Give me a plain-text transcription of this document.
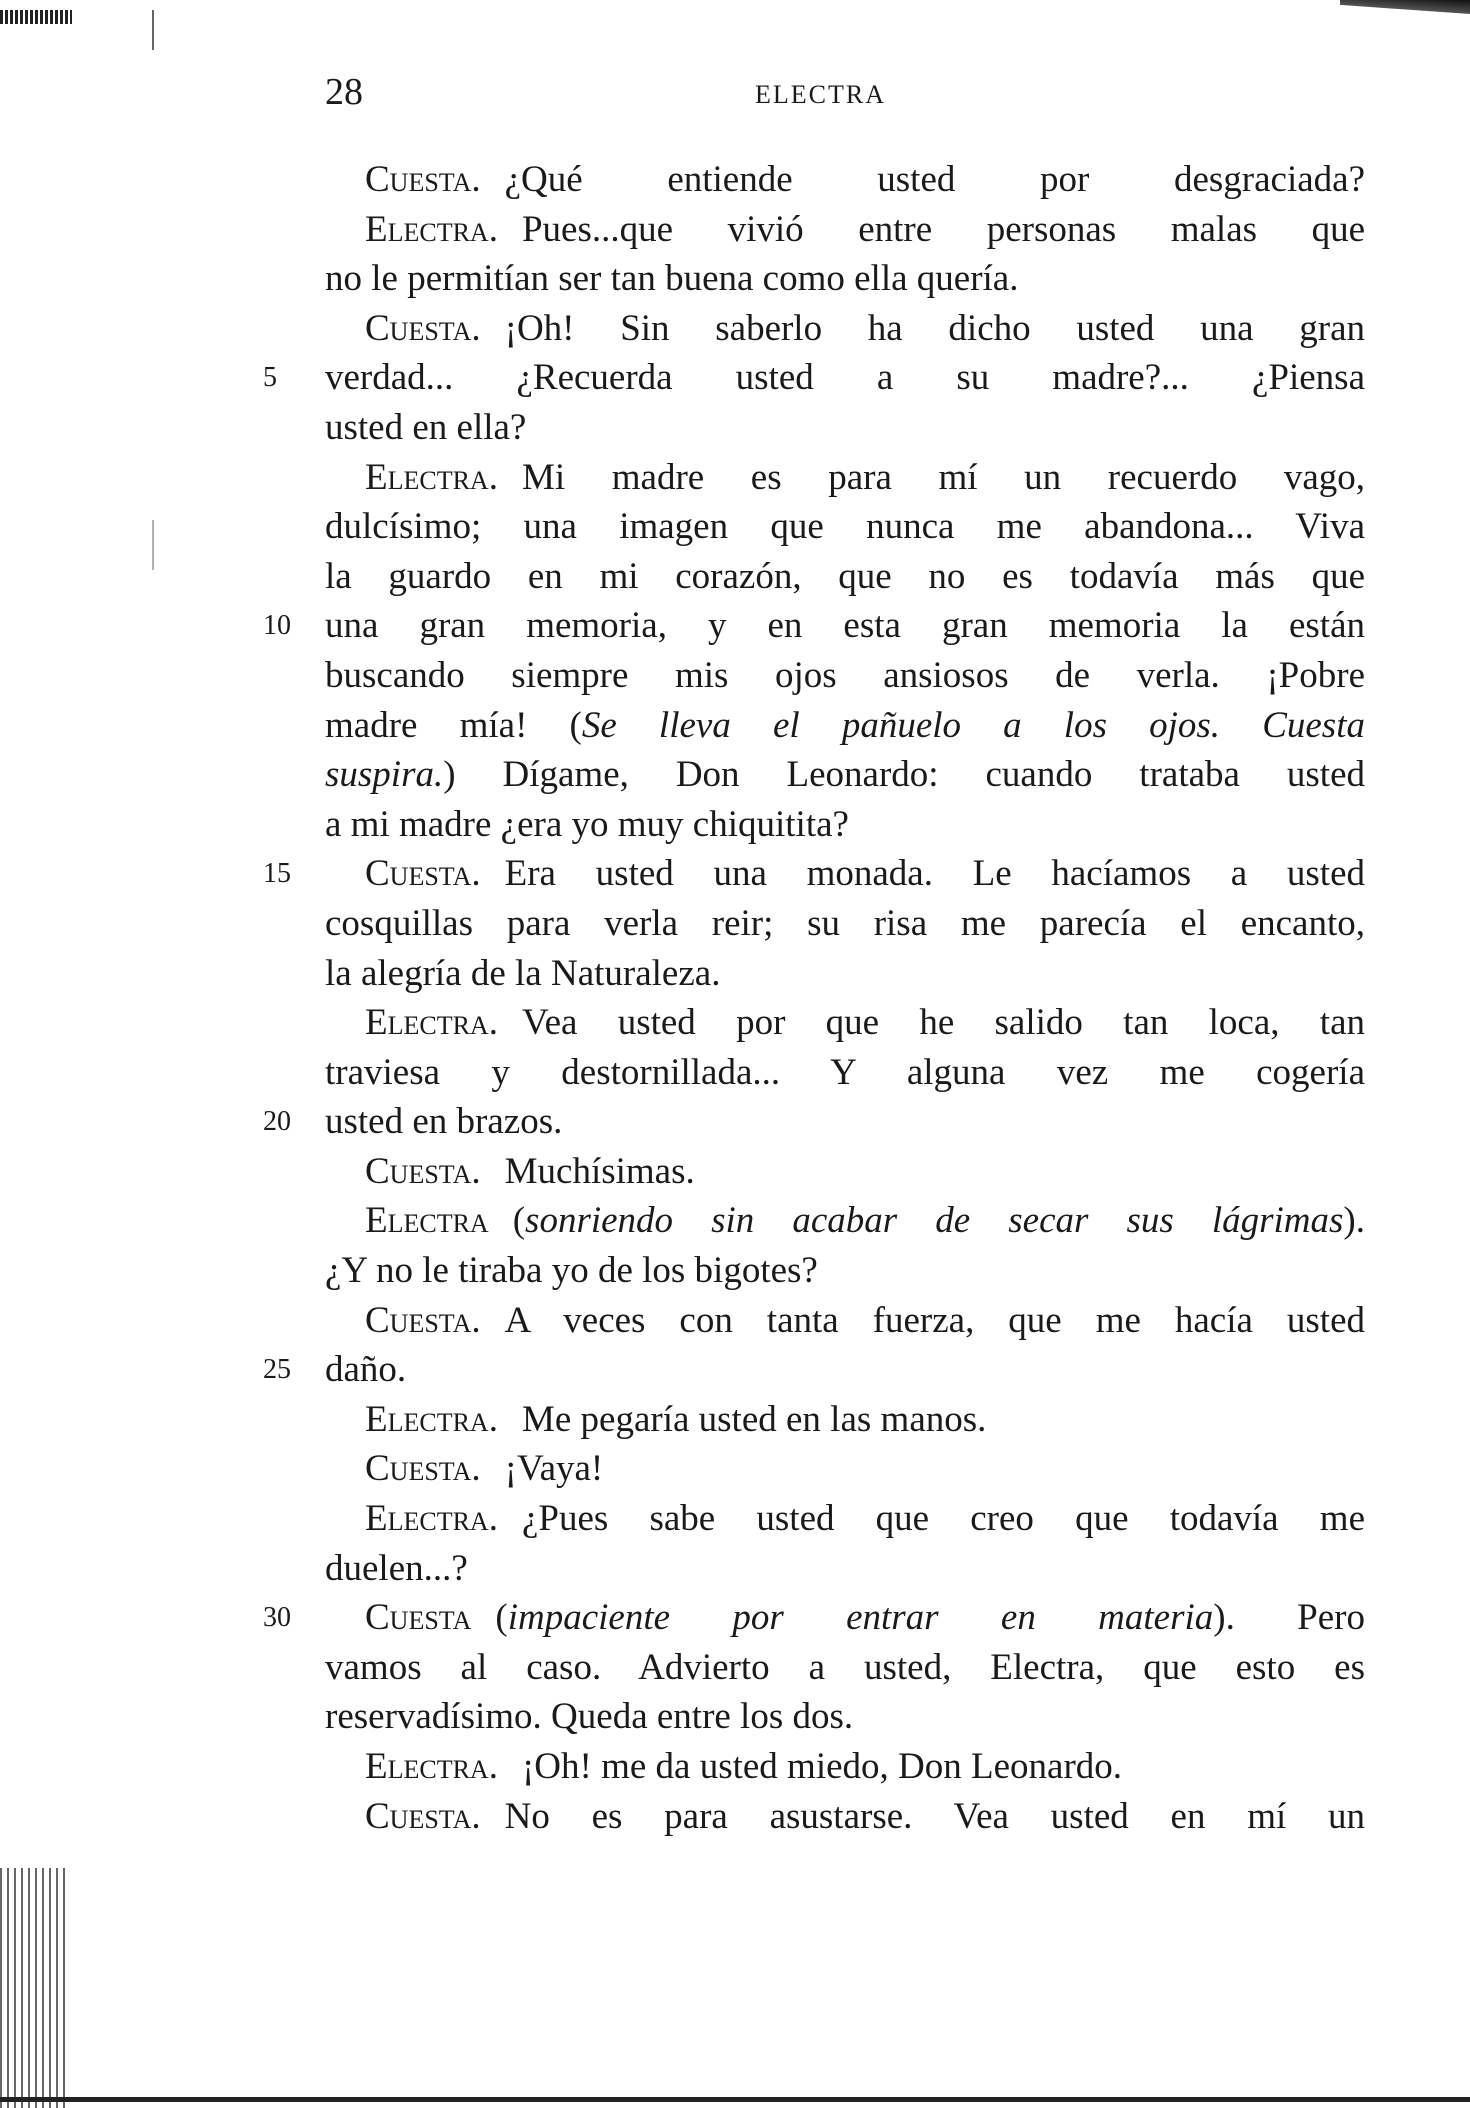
28	ELECTRA
Cuesta. ¿Qué entiende usted por desgraciada?
Electra. Pues...que vivió entre personas malas que
no le permitían ser tan buena como ella quería.
Cuesta. ¡Oh! Sin saberlo ha dicho usted una gran
5	verdad... ¿Recuerda usted a su madre?... ¿Piensa
usted en ella?
Electra. Mi madre es para mí un recuerdo vago,
dulcísimo; una imagen que nunca me abandona... Viva
la guardo en mi corazón, que no es todavía más que
10 una gran memoria, y en esta gran memoria la están
buscando siempre mis ojos ansiosos de verla. ¡Pobre
madre mía! (Se lleva el pañuelo a los ojos. Cuesta
suspira.) Dígame, Don Leonardo: cuando trataba usted
a mi madre ¿era yo muy chiquitita?
15	Cuesta. Era usted una monada. Le hacíamos a usted
cosquillas para verla reir; su risa me parecía el encanto,
la alegría de la Naturaleza.
Electra. Vea usted por que he salido tan loca, tan
traviesa y destornillada... Y alguna vez me cogería
20 usted en brazos.
Cuesta. Muchísimas.
Electra (sonriendo sin acabar de secar sus lágrimas).
¿Y no le tiraba yo de los bigotes?
Cuesta. A veces con tanta fuerza, que me hacía usted
25 daño.
Electra. Me pegaría usted en las manos.
Cuesta. ¡Vaya!
Electra. ¿Pues sabe usted que creo que todavía me
duelen...?
30	Cuesta (impaciente por entrar en materia). Pero
vamos al caso. Advierto a usted, Electra, que esto es
reservadísimo. Queda entre los dos.
Electra. ¡Oh! me da usted miedo, Don Leonardo.
Cuesta. No es para asustarse. Vea usted en mí un
